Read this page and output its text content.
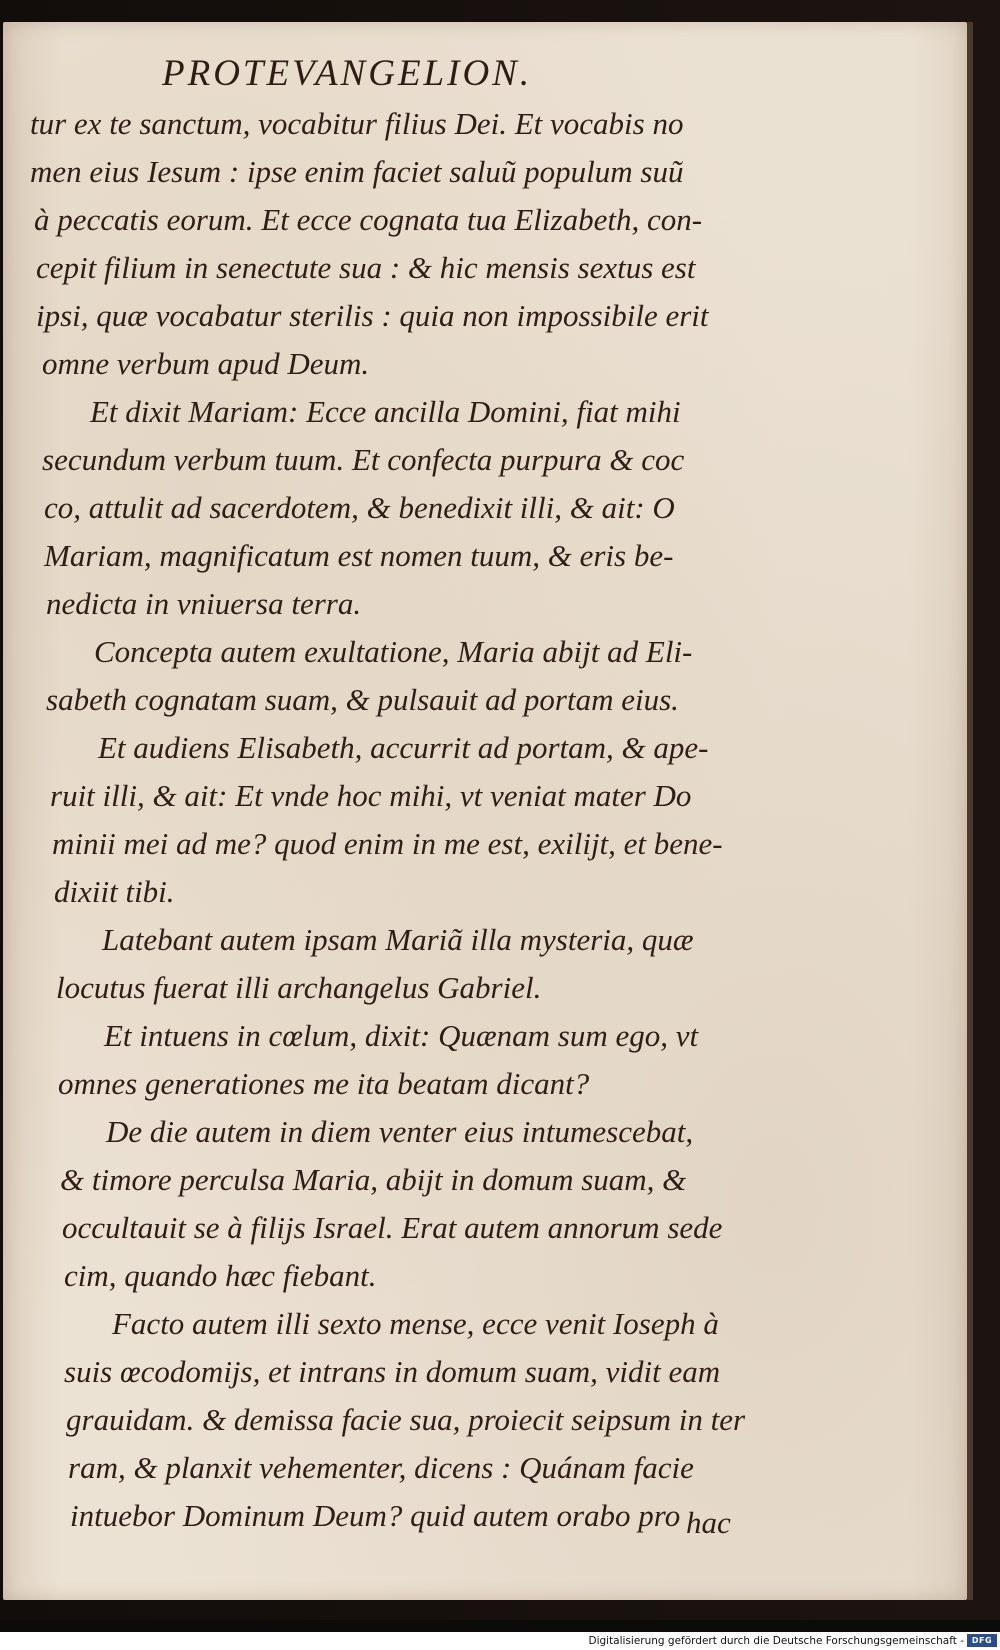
PROTEVANGELION.
tur ex te sanctum, vocabitur filius Dei. Et vocabis no
men eius Iesum : ipse enim faciet saluũ populum suũ
à peccatis eorum. Et ecce cognata tua Elizabeth, con-
cepit filium in senectute sua : & hic mensis sextus est
ipsi, quæ vocabatur sterilis : quia non impossibile erit
omne verbum apud Deum.
Et dixit Mariam: Ecce ancilla Domini, fiat mihi
secundum verbum tuum. Et confecta purpura & coc
co, attulit ad sacerdotem, & benedixit illi, & ait: O
Mariam, magnificatum est nomen tuum, & eris be-
nedicta in vniuersa terra.
Concepta autem exultatione, Maria abijt ad Eli-
sabeth cognatam suam, & pulsauit ad portam eius.
Et audiens Elisabeth, accurrit ad portam, & ape-
ruit illi, & ait: Et vnde hoc mihi, vt veniat mater Do
minii mei ad me? quod enim in me est, exilijt, et bene-
dixiit tibi.
Latebant autem ipsam Mariã illa mysteria, quæ
locutus fuerat illi archangelus Gabriel.
Et intuens in cœlum, dixit: Quænam sum ego, vt
omnes generationes me ita beatam dicant?
De die autem in diem venter eius intumescebat,
& timore perculsa Maria, abijt in domum suam, &
occultauit se à filijs Israel. Erat autem annorum sede
cim, quando hæc fiebant.
Facto autem illi sexto mense, ecce venit Ioseph à
suis œcodomijs, et intrans in domum suam, vidit eam
grauidam. & demissa facie sua, proiecit seipsum in ter
ram, & planxit vehementer, dicens : Quánam facie
intuebor Dominum Deum? quid autem orabo pro hac
Digitalisierung gefördert durch die Deutsche Forschungsgemeinschaft - DFG
